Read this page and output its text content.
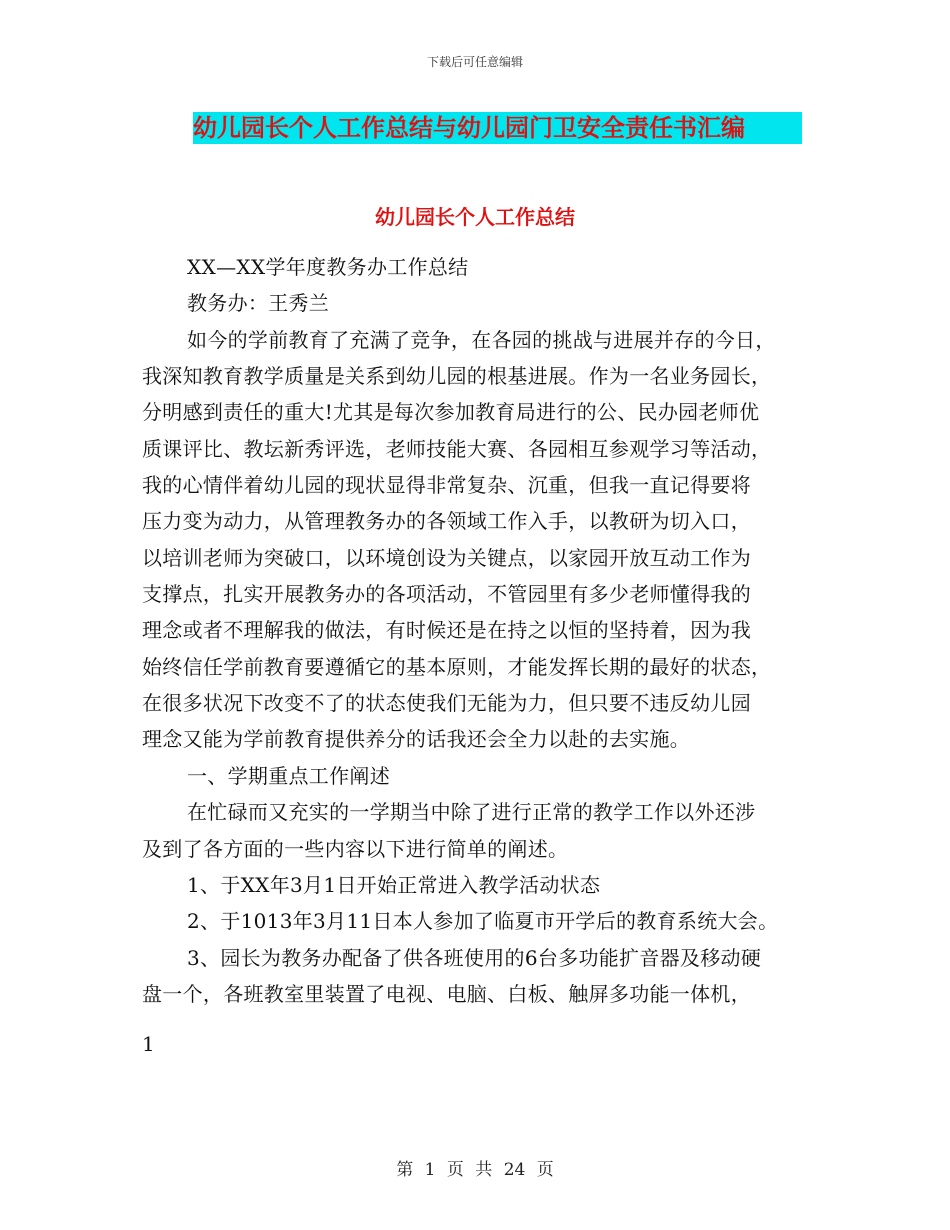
下载后可任意编辑
幼儿园长个人工作总结与幼儿园门卫安全责任书汇编
幼儿园长个人工作总结
XX—XX学年度教务办工作总结
教务办：王秀兰
如今的学前教育了充满了竞争，在各园的挑战与进展并存的今日，
我深知教育教学质量是关系到幼儿园的根基进展。作为一名业务园长，
分明感到责任的重大!尤其是每次参加教育局进行的公、民办园老师优
质课评比、教坛新秀评选，老师技能大赛、各园相互参观学习等活动，
我的心情伴着幼儿园的现状显得非常复杂、沉重，但我一直记得要将
压力变为动力，从管理教务办的各领域工作入手，以教研为切入口，
以培训老师为突破口，以环境创设为关键点，以家园开放互动工作为
支撑点，扎实开展教务办的各项活动，不管园里有多少老师懂得我的
理念或者不理解我的做法，有时候还是在持之以恒的坚持着，因为我
始终信任学前教育要遵循它的基本原则，才能发挥长期的最好的状态，
在很多状况下改变不了的状态使我们无能为力，但只要不违反幼儿园
理念又能为学前教育提供养分的话我还会全力以赴的去实施。
一、学期重点工作阐述
在忙碌而又充实的一学期当中除了进行正常的教学工作以外还涉
及到了各方面的一些内容以下进行简单的阐述。
1、于XX年3月1日开始正常进入教学活动状态
2、于1013年3月11日本人参加了临夏市开学后的教育系统大会。
3、园长为教务办配备了供各班使用的6台多功能扩音器及移动硬
盘一个，各班教室里装置了电视、电脑、白板、触屏多功能一体机，
1
第 1 页 共 24 页
